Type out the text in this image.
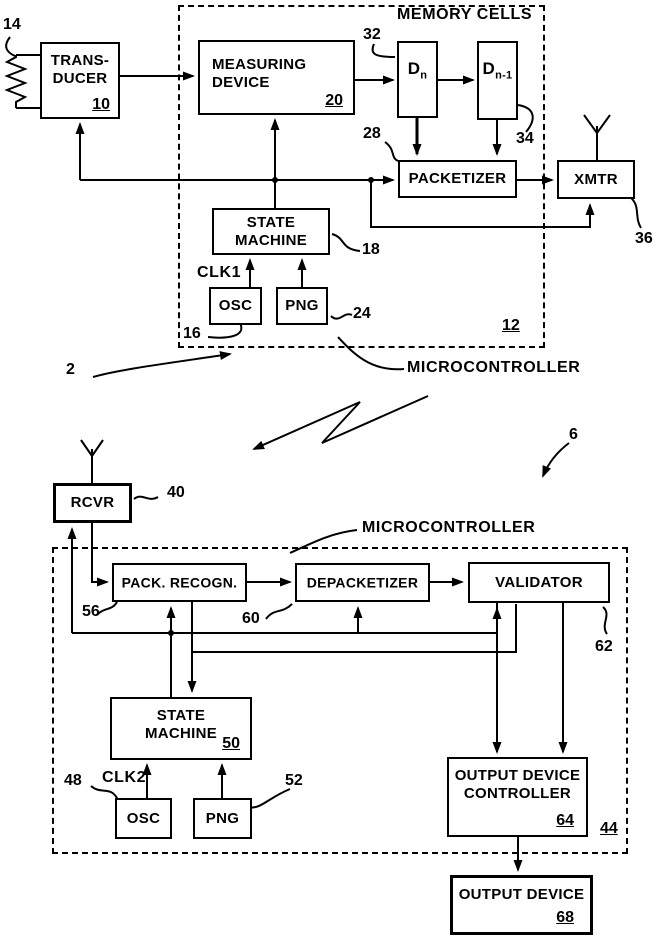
TRANS-
DUCER
10
MEASURING
DEVICE
20
$D_n$	$D_{n-1}$
PACKETIZER	XMTR
STATE
MACHINE
OSC	PNG
RCVR
PACK. RECOGN.	DEPACKETIZER	VALIDATOR
STATE
MACHINE
50
OSC	PNG
OUTPUT DEVICE
CONTROLLER
64
OUTPUT DEVICE
68
MEMORY CELLS
MICROCONTROLLER
MICROCONTROLLER
CLK1
CLK2
14
32
34
28
18
16
24
12
36
2
6
40
56	60
62
48	52
44
